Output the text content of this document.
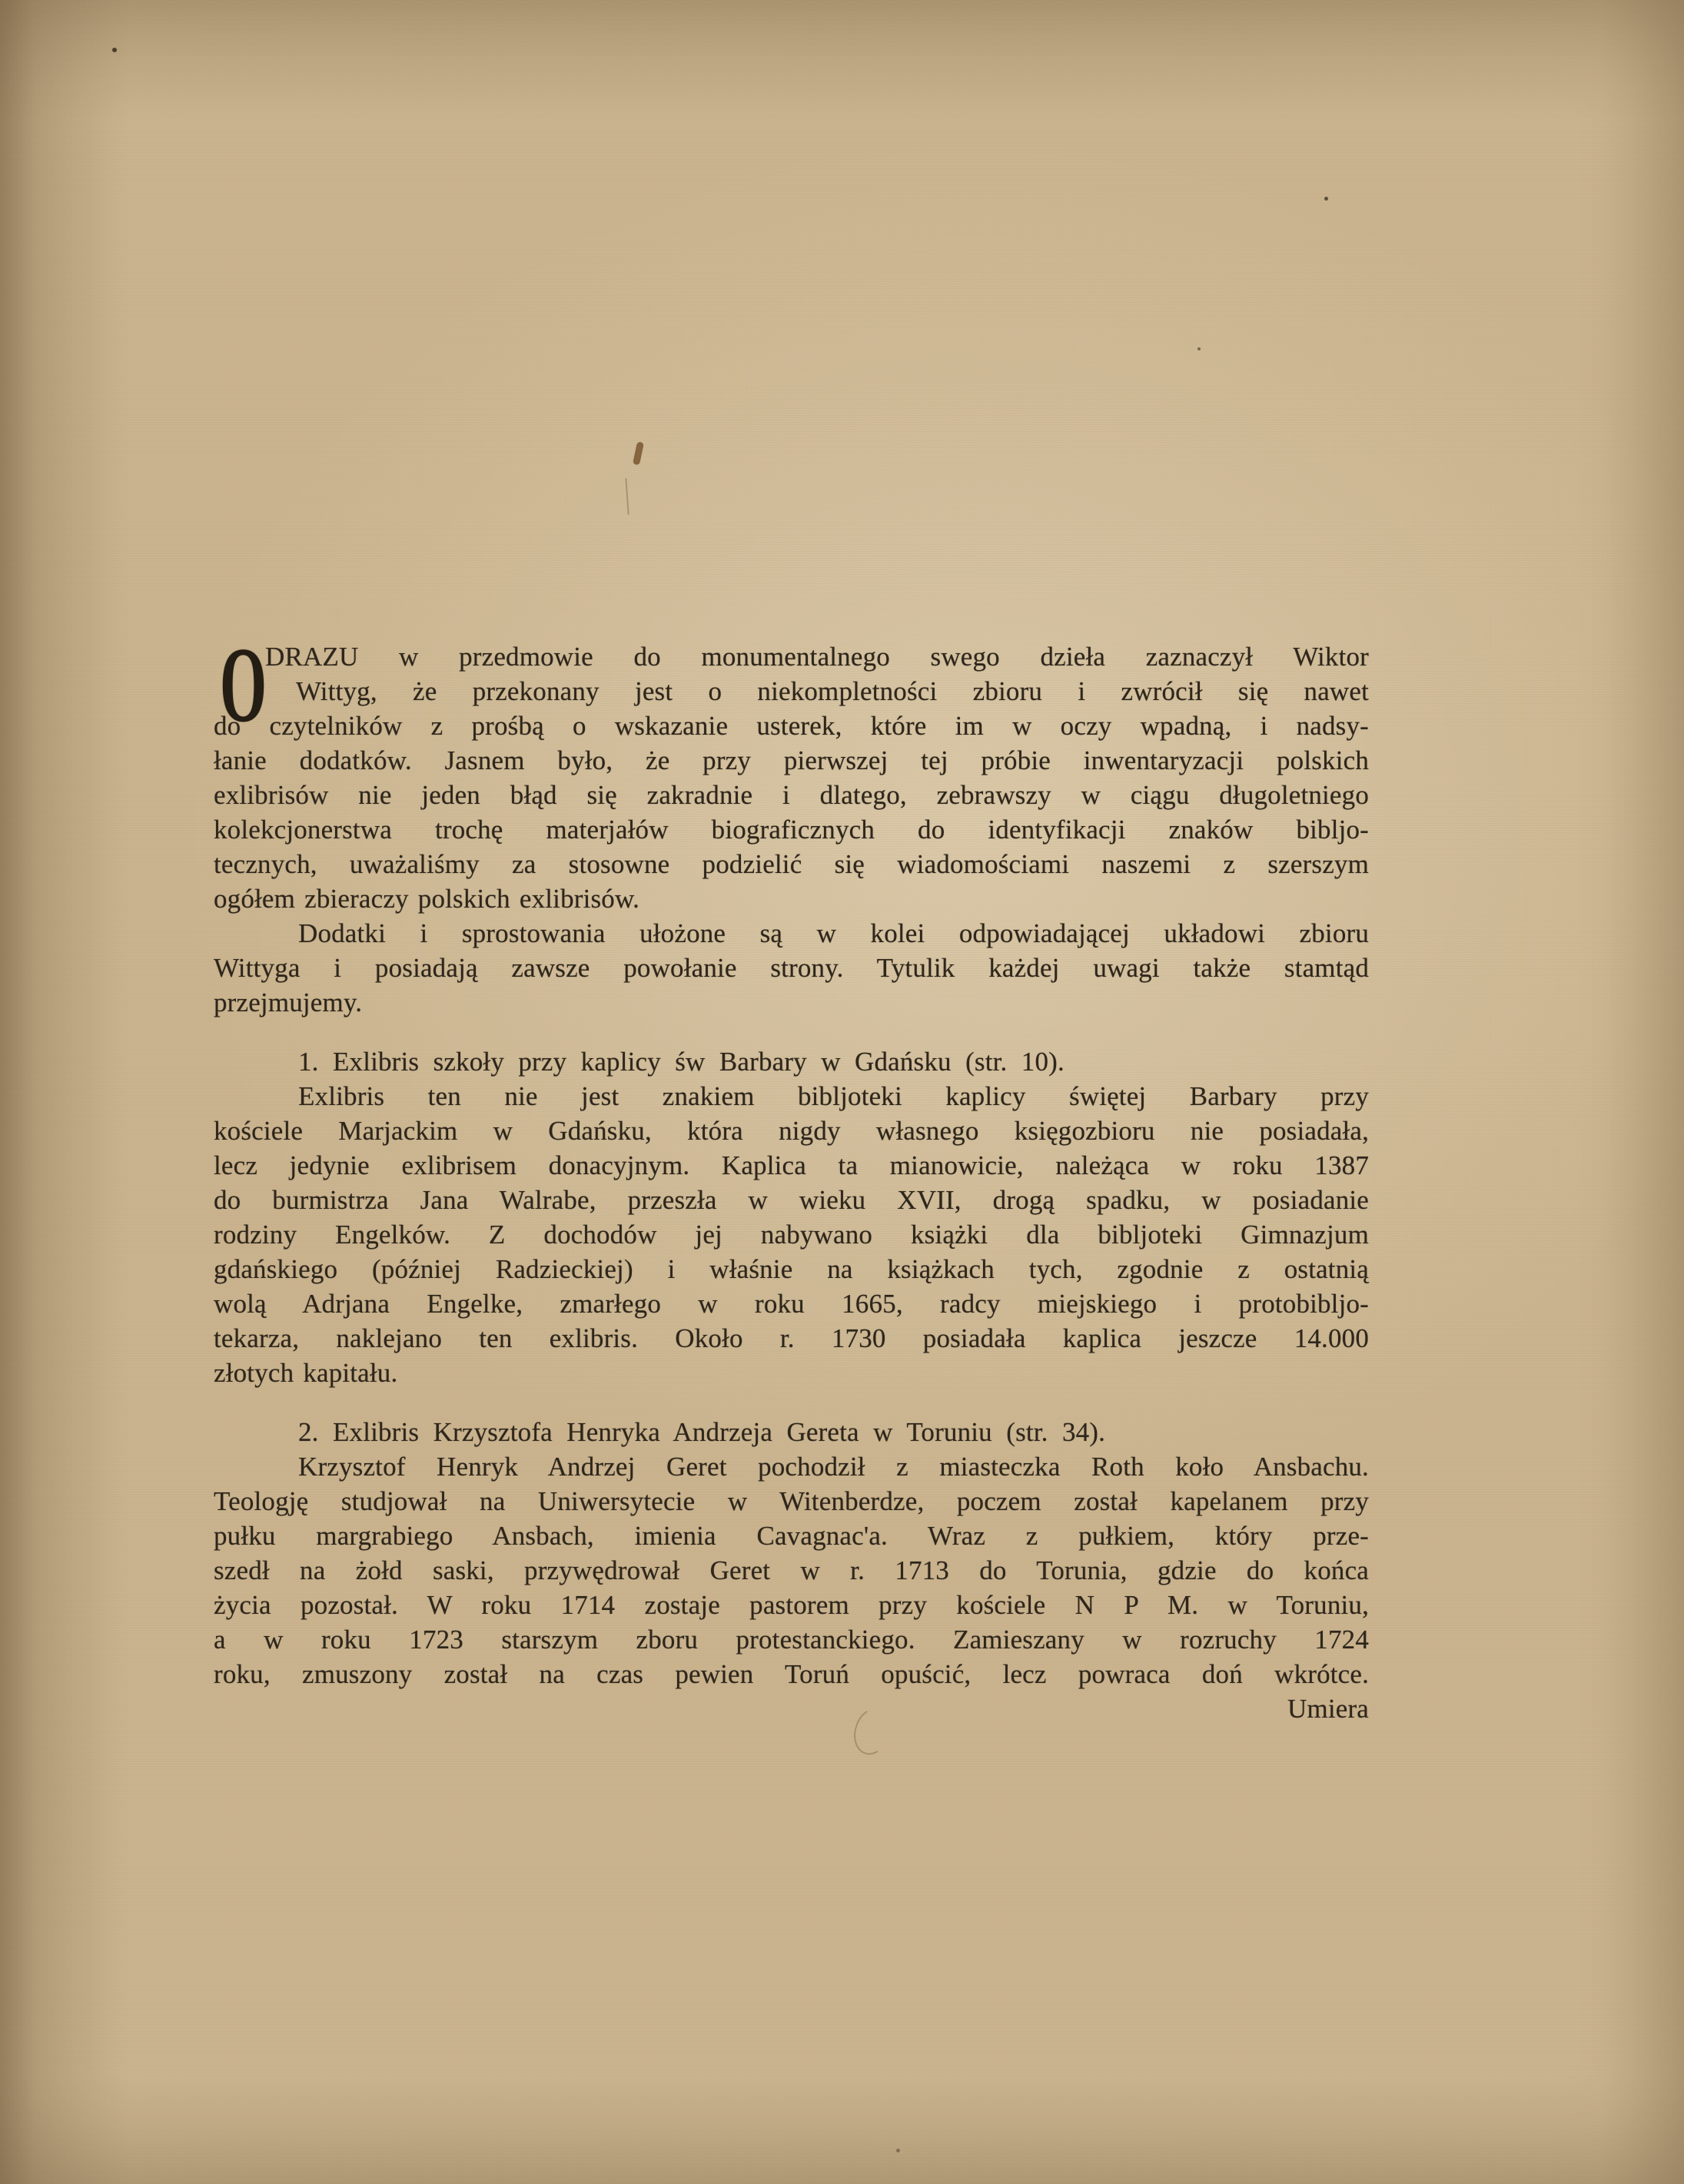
O
DRAZU w przedmowie do monumentalnego swego dzieła zaznaczył Wiktor
Wittyg, że przekonany jest o niekompletności zbioru i zwrócił się nawet
do czytelników z prośbą o wskazanie usterek, które im w oczy wpadną, i nadsy-
łanie dodatków. Jasnem było, że przy pierwszej tej próbie inwentaryzacji polskich
exlibrisów nie jeden błąd się zakradnie i dlatego, zebrawszy w ciągu długoletniego
kolekcjonerstwa trochę materjałów biograficznych do identyfikacji znaków bibljo-
tecznych, uważaliśmy za stosowne podzielić się wiadomościami naszemi z szerszym
ogółem zbieraczy polskich exlibrisów.
Dodatki i sprostowania ułożone są w kolei odpowiadającej układowi zbioru
Wittyga i posiadają zawsze powołanie strony. Tytulik każdej uwagi także stamtąd
przejmujemy.
1. Exlibris szkoły przy kaplicy św Barbary w Gdańsku (str. 10).
Exlibris ten nie jest znakiem bibljoteki kaplicy świętej Barbary przy
kościele Marjackim w Gdańsku, która nigdy własnego księgozbioru nie posiadała,
lecz jedynie exlibrisem donacyjnym. Kaplica ta mianowicie, należąca w roku 1387
do burmistrza Jana Walrabe, przeszła w wieku XVII, drogą spadku, w posiadanie
rodziny Engelków. Z dochodów jej nabywano książki dla bibljoteki Gimnazjum
gdańskiego (później Radzieckiej) i właśnie na książkach tych, zgodnie z ostatnią
wolą Adrjana Engelke, zmarłego w roku 1665, radcy miejskiego i protobibljo-
tekarza, naklejano ten exlibris. Około r. 1730 posiadała kaplica jeszcze 14.000
złotych kapitału.
2. Exlibris Krzysztofa Henryka Andrzeja Gereta w Toruniu (str. 34).
Krzysztof Henryk Andrzej Geret pochodził z miasteczka Roth koło Ansbachu.
Teologję studjował na Uniwersytecie w Witenberdze, poczem został kapelanem przy
pułku margrabiego Ansbach, imienia Cavagnac'a. Wraz z pułkiem, który prze-
szedł na żołd saski, przywędrował Geret w r. 1713 do Torunia, gdzie do końca
życia pozostał. W roku 1714 zostaje pastorem przy kościele N P M. w Toruniu,
a w roku 1723 starszym zboru protestanckiego. Zamieszany w rozruchy 1724
roku, zmuszony został na czas pewien Toruń opuścić, lecz powraca doń wkrótce.
Umiera
